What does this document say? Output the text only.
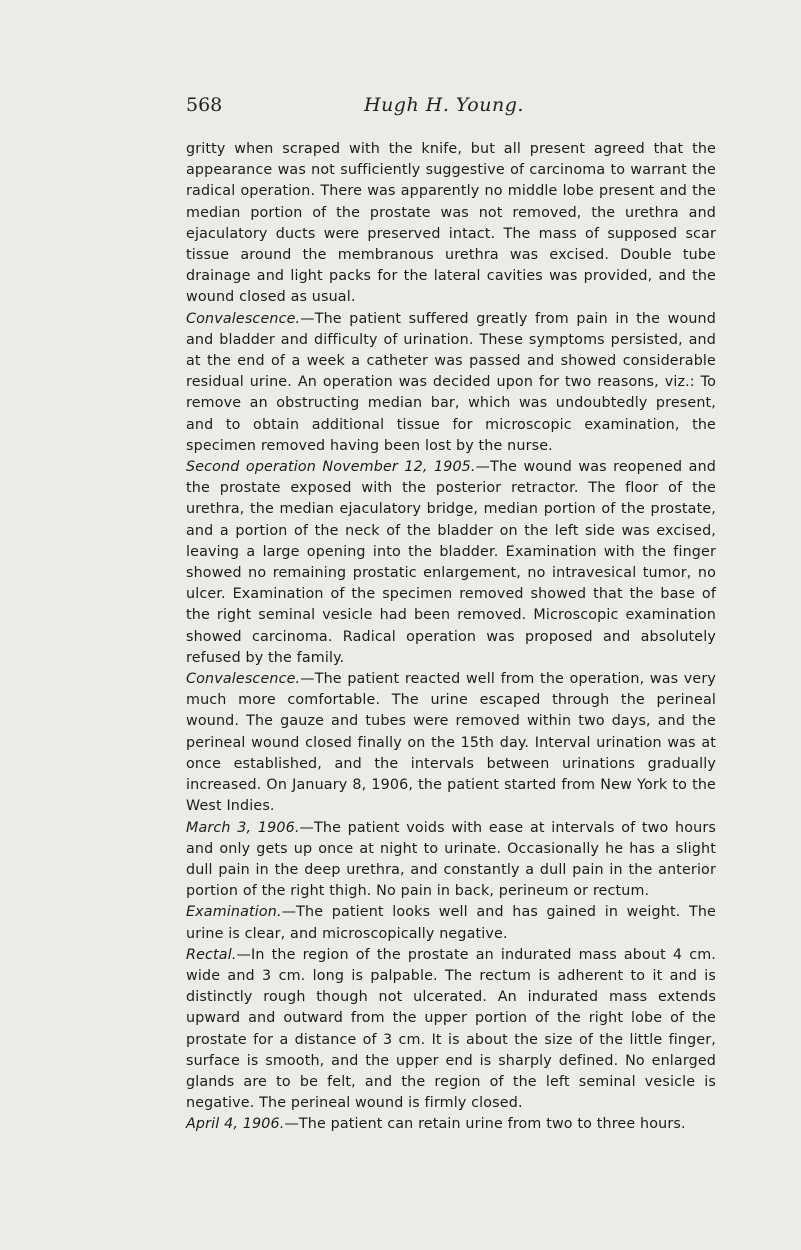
568	Hugh H. Young.

gritty when scraped with the knife, but all present agreed that the appearance was not sufficiently suggestive of carcinoma to warrant the radical operation. There was apparently no middle lobe present and the median portion of the prostate was not removed, the urethra and ejaculatory ducts were preserved intact. The mass of supposed scar tissue around the membranous urethra was excised. Double tube drainage and light packs for the lateral cavities was provided, and the wound closed as usual.

Convalescence.—The patient suffered greatly from pain in the wound and bladder and difficulty of urination. These symptoms persisted, and at the end of a week a catheter was passed and showed considerable residual urine. An operation was decided upon for two reasons, viz.: To remove an obstructing median bar, which was undoubtedly present, and to obtain additional tissue for microscopic examination, the specimen removed having been lost by the nurse.

Second operation November 12, 1905.—The wound was reopened and the prostate exposed with the posterior retractor. The floor of the urethra, the median ejaculatory bridge, median portion of the prostate, and a portion of the neck of the bladder on the left side was excised, leaving a large opening into the bladder. Examination with the finger showed no remaining prostatic enlargement, no intravesical tumor, no ulcer. Examination of the specimen removed showed that the base of the right seminal vesicle had been removed. Microscopic examination showed carcinoma. Radical operation was proposed and absolutely refused by the family.

Convalescence.—The patient reacted well from the operation, was very much more comfortable. The urine escaped through the perineal wound. The gauze and tubes were removed within two days, and the perineal wound closed finally on the 15th day. Interval urination was at once established, and the intervals between urinations gradually increased. On January 8, 1906, the patient started from New York to the West Indies.

March 3, 1906.—The patient voids with ease at intervals of two hours and only gets up once at night to urinate. Occasionally he has a slight dull pain in the deep urethra, and constantly a dull pain in the anterior portion of the right thigh. No pain in back, perineum or rectum.

Examination.—The patient looks well and has gained in weight. The urine is clear, and microscopically negative.

Rectal.—In the region of the prostate an indurated mass about 4 cm. wide and 3 cm. long is palpable. The rectum is adherent to it and is distinctly rough though not ulcerated. An indurated mass extends upward and outward from the upper portion of the right lobe of the prostate for a distance of 3 cm. It is about the size of the little finger, surface is smooth, and the upper end is sharply defined. No enlarged glands are to be felt, and the region of the left seminal vesicle is negative. The perineal wound is firmly closed.

April 4, 1906.—The patient can retain urine from two to three hours.
